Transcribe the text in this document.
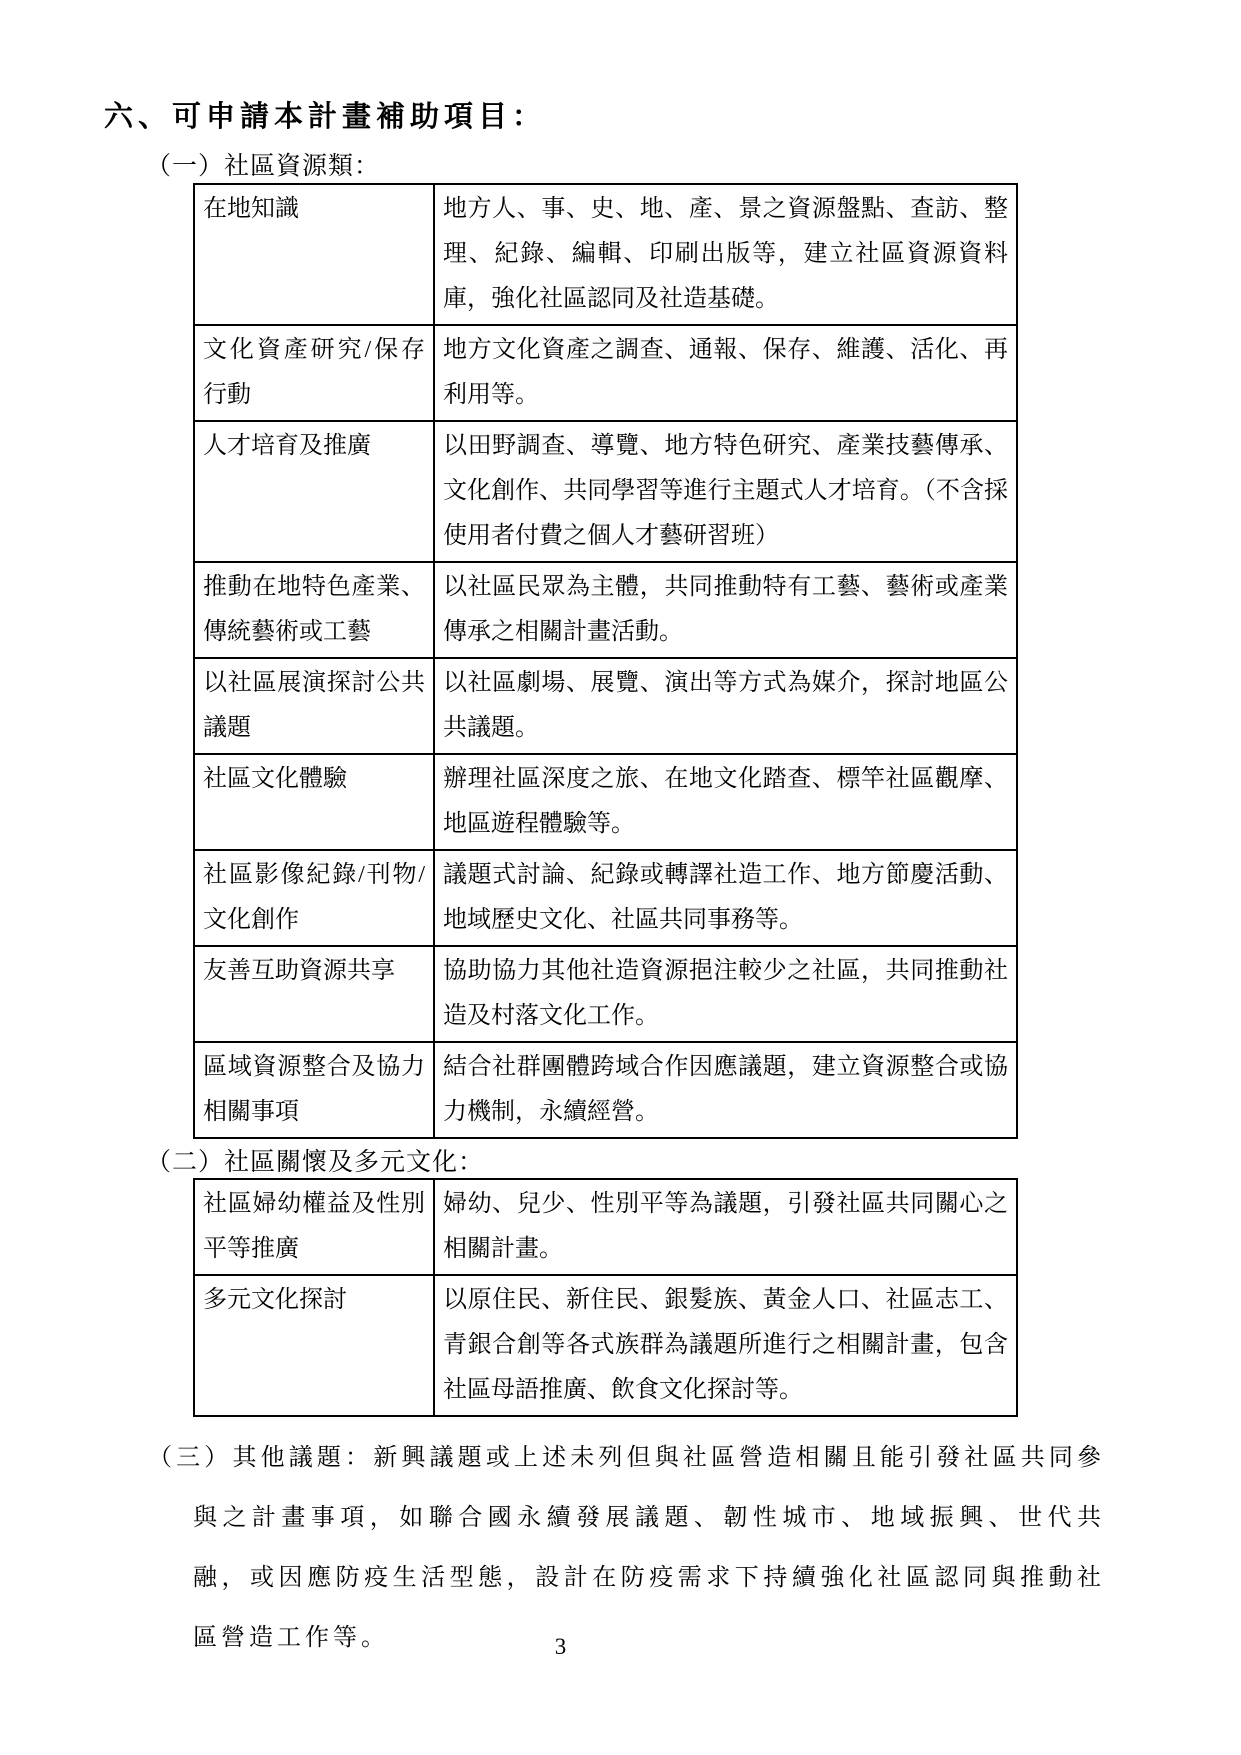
六、可申請本計畫補助項目：
（一）社區資源類：
在地知識	地方人、事、史、地、產、景之資源盤點、查訪、整理、紀錄、編輯、印刷出版等，建立社區資源資料庫，強化社區認同及社造基礎。
文化資產研究/保存行動	地方文化資產之調查、通報、保存、維護、活化、再利用等。
人才培育及推廣	以田野調查、導覽、地方特色研究、產業技藝傳承、文化創作、共同學習等進行主題式人才培育。（不含採使用者付費之個人才藝研習班）
推動在地特色產業、傳統藝術或工藝	以社區民眾為主體，共同推動特有工藝、藝術或產業傳承之相關計畫活動。
以社區展演探討公共議題	以社區劇場、展覽、演出等方式為媒介，探討地區公共議題。
社區文化體驗	辦理社區深度之旅、在地文化踏查、標竿社區觀摩、地區遊程體驗等。
社區影像紀錄/刊物/文化創作	議題式討論、紀錄或轉譯社造工作、地方節慶活動、地域歷史文化、社區共同事務等。
友善互助資源共享	協助協力其他社造資源挹注較少之社區，共同推動社造及村落文化工作。
區域資源整合及協力相關事項	結合社群團體跨域合作因應議題，建立資源整合或協力機制，永續經營。
（二）社區關懷及多元文化：
社區婦幼權益及性別平等推廣	婦幼、兒少、性別平等為議題，引發社區共同關心之相關計畫。
多元文化探討	以原住民、新住民、銀髮族、黃金人口、社區志工、青銀合創等各式族群為議題所進行之相關計畫，包含社區母語推廣、飲食文化探討等。
（三）其他議題：新興議題或上述未列但與社區營造相關且能引發社區共同參與之計畫事項，如聯合國永續發展議題、韌性城市、地域振興、世代共融，或因應防疫生活型態，設計在防疫需求下持續強化社區認同與推動社區營造工作等。	3
